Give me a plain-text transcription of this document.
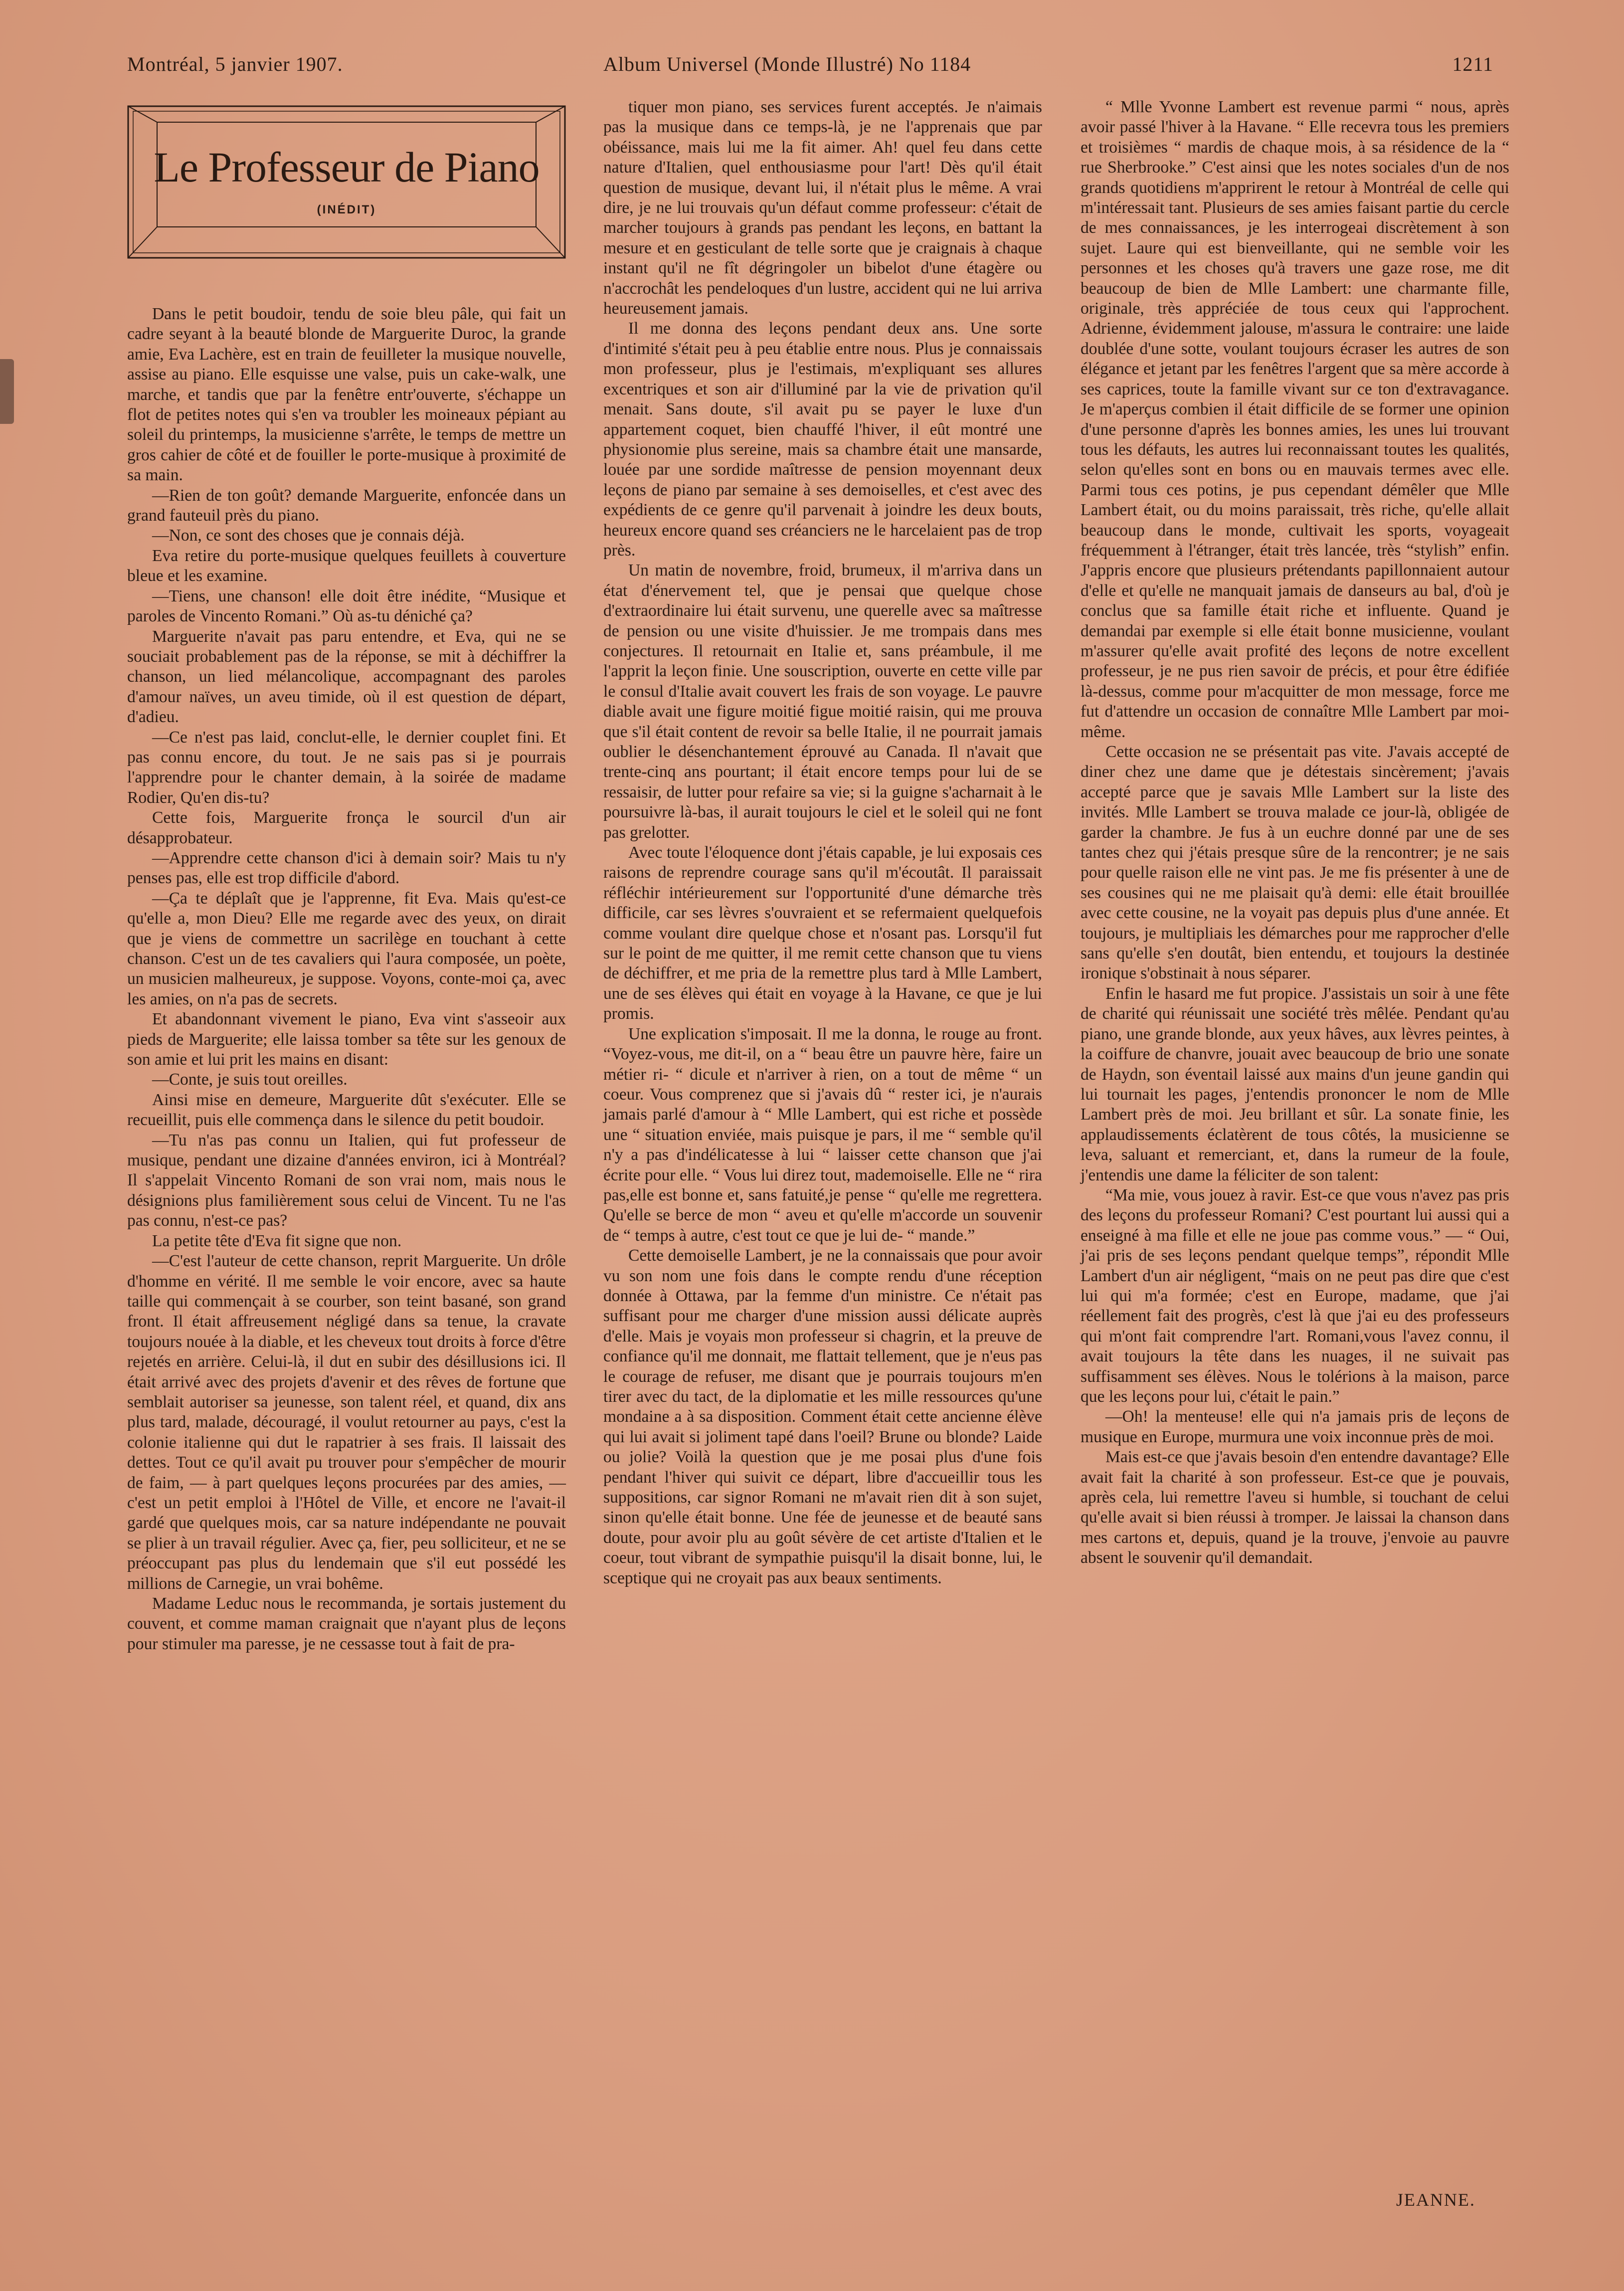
Montréal, 5 janvier 1907.	Album Universel (Monde Illustré) No 1184	1211
Le Professeur de Piano
(INÉDIT)

Dans le petit boudoir, tendu de soie bleu pâle, qui fait un cadre seyant à la beauté blonde de Marguerite Duroc, la grande amie, Eva Lachère, est en train de feuilleter la musique nouvelle, assise au piano. Elle esquisse une valse, puis un cake-walk, une marche, et tandis que par la fenêtre entr'ouverte, s'échappe un flot de petites notes qui s'en va troubler les moineaux pépiant au soleil du printemps, la musicienne s'arrête, le temps de mettre un gros cahier de côté et de fouiller le porte-musique à proximité de sa main.

—Rien de ton goût? demande Marguerite, enfoncée dans un grand fauteuil près du piano.

—Non, ce sont des choses que je connais déjà.

Eva retire du porte-musique quelques feuillets à couverture bleue et les examine.

—Tiens, une chanson! elle doit être inédite, “Musique et paroles de Vincento Romani.” Où as-tu déniché ça?

Marguerite n'avait pas paru entendre, et Eva, qui ne se souciait probablement pas de la réponse, se mit à déchiffrer la chanson, un lied mélancolique, accompagnant des paroles d'amour naïves, un aveu timide, où il est question de départ, d'adieu.

—Ce n'est pas laid, conclut-elle, le dernier couplet fini. Et pas connu encore, du tout. Je ne sais pas si je pourrais l'apprendre pour le chanter demain, à la soirée de madame Rodier, Qu'en dis-tu?

Cette fois, Marguerite fronça le sourcil d'un air désapprobateur.

—Apprendre cette chanson d'ici à demain soir? Mais tu n'y penses pas, elle est trop difficile d'abord.

—Ça te déplaît que je l'apprenne, fit Eva. Mais qu'est-ce qu'elle a, mon Dieu? Elle me regarde avec des yeux, on dirait que je viens de commettre un sacrilège en touchant à cette chanson. C'est un de tes cavaliers qui l'aura composée, un poète, un musicien malheureux, je suppose. Voyons, conte-moi ça, avec les amies, on n'a pas de secrets.

Et abandonnant vivement le piano, Eva vint s'asseoir aux pieds de Marguerite; elle laissa tomber sa tête sur les genoux de son amie et lui prit les mains en disant:

—Conte, je suis tout oreilles.

Ainsi mise en demeure, Marguerite dût s'exécuter. Elle se recueillit, puis elle commença dans le silence du petit boudoir.

—Tu n'as pas connu un Italien, qui fut professeur de musique, pendant une dizaine d'années environ, ici à Montréal? Il s'appelait Vincento Romani de son vrai nom, mais nous le désignions plus familièrement sous celui de Vincent. Tu ne l'as pas connu, n'est-ce pas?

La petite tête d'Eva fit signe que non.

—C'est l'auteur de cette chanson, reprit Marguerite. Un drôle d'homme en vérité. Il me semble le voir encore, avec sa haute taille qui commençait à se courber, son teint basané, son grand front. Il était affreusement négligé dans sa tenue, la cravate toujours nouée à la diable, et les cheveux tout droits à force d'être rejetés en arrière. Celui-là, il dut en subir des désillusions ici. Il était arrivé avec des projets d'avenir et des rêves de fortune que semblait autoriser sa jeunesse, son talent réel, et quand, dix ans plus tard, malade, découragé, il voulut retourner au pays, c'est la colonie italienne qui dut le rapatrier à ses frais. Il laissait des dettes. Tout ce qu'il avait pu trouver pour s'empêcher de mourir de faim, — à part quelques leçons procurées par des amies, — c'est un petit emploi à l'Hôtel de Ville, et encore ne l'avait-il gardé que quelques mois, car sa nature indépendante ne pouvait se plier à un travail régulier. Avec ça, fier, peu solliciteur, et ne se préoccupant pas plus du lendemain que s'il eut possédé les millions de Carnegie, un vrai bohême.

Madame Leduc nous le recommanda, je sortais justement du couvent, et comme maman craignait que n'ayant plus de leçons pour stimuler ma paresse, je ne cessasse tout à fait de pra-

tiquer mon piano, ses services furent acceptés. Je n'aimais pas la musique dans ce temps-là, je ne l'apprenais que par obéissance, mais lui me la fit aimer. Ah! quel feu dans cette nature d'Italien, quel enthousiasme pour l'art! Dès qu'il était question de musique, devant lui, il n'était plus le même. A vrai dire, je ne lui trouvais qu'un défaut comme professeur: c'était de marcher toujours à grands pas pendant les leçons, en battant la mesure et en gesticulant de telle sorte que je craignais à chaque instant qu'il ne fît dégringoler un bibelot d'une étagère ou n'accrochât les pendeloques d'un lustre, accident qui ne lui arriva heureusement jamais.

Il me donna des leçons pendant deux ans. Une sorte d'intimité s'était peu à peu établie entre nous. Plus je connaissais mon professeur, plus je l'estimais, m'expliquant ses allures excentriques et son air d'illuminé par la vie de privation qu'il menait. Sans doute, s'il avait pu se payer le luxe d'un appartement coquet, bien chauffé l'hiver, il eût montré une physionomie plus sereine, mais sa chambre était une mansarde, louée par une sordide maîtresse de pension moyennant deux leçons de piano par semaine à ses demoiselles, et c'est avec des expédients de ce genre qu'il parvenait à joindre les deux bouts, heureux encore quand ses créanciers ne le harcelaient pas de trop près.

Un matin de novembre, froid, brumeux, il m'arriva dans un état d'énervement tel, que je pensai que quelque chose d'extraordinaire lui était survenu, une querelle avec sa maîtresse de pension ou une visite d'huissier. Je me trompais dans mes conjectures. Il retournait en Italie et, sans préambule, il me l'apprit la leçon finie. Une souscription, ouverte en cette ville par le consul d'Italie avait couvert les frais de son voyage. Le pauvre diable avait une figure moitié figue moitié raisin, qui me prouva que s'il était content de revoir sa belle Italie, il ne pourrait jamais oublier le désenchantement éprouvé au Canada. Il n'avait que trente-cinq ans pourtant; il était encore temps pour lui de se ressaisir, de lutter pour refaire sa vie; si la guigne s'acharnait à le poursuivre là-bas, il aurait toujours le ciel et le soleil qui ne font pas grelotter.

Avec toute l'éloquence dont j'étais capable, je lui exposais ces raisons de reprendre courage sans qu'il m'écoutât. Il paraissait réfléchir intérieurement sur l'opportunité d'une démarche très difficile, car ses lèvres s'ouvraient et se refermaient quelquefois comme voulant dire quelque chose et n'osant pas. Lorsqu'il fut sur le point de me quitter, il me remit cette chanson que tu viens de déchiffrer, et me pria de la remettre plus tard à Mlle Lambert, une de ses élèves qui était en voyage à la Havane, ce que je lui promis.

Une explication s'imposait. Il me la donna, le rouge au front. “Voyez-vous, me dit-il, on a “ beau être un pauvre hère, faire un métier ri- “ dicule et n'arriver à rien, on a tout de même “ un coeur. Vous comprenez que si j'avais dû “ rester ici, je n'aurais jamais parlé d'amour à “ Mlle Lambert, qui est riche et possède une “ situation enviée, mais puisque je pars, il me “ semble qu'il n'y a pas d'indélicatesse à lui “ laisser cette chanson que j'ai écrite pour elle. “ Vous lui direz tout, mademoiselle. Elle ne “ rira pas,elle est bonne et, sans fatuité,je pense “ qu'elle me regrettera. Qu'elle se berce de mon “ aveu et qu'elle m'accorde un souvenir de “ temps à autre, c'est tout ce que je lui de- “ mande.”

Cette demoiselle Lambert, je ne la connaissais que pour avoir vu son nom une fois dans le compte rendu d'une réception donnée à Ottawa, par la femme d'un ministre. Ce n'était pas suffisant pour me charger d'une mission aussi délicate auprès d'elle. Mais je voyais mon professeur si chagrin, et la preuve de confiance qu'il me donnait, me flattait tellement, que je n'eus pas le courage de refuser, me disant que je pourrais toujours m'en tirer avec du tact, de la diplomatie et les mille ressources qu'une mondaine a à sa disposition. Comment était cette ancienne élève qui lui avait si joliment tapé dans l'oeil? Brune ou blonde? Laide ou jolie? Voilà la question que je me posai plus d'une fois pendant l'hiver qui suivit ce départ, libre d'accueillir tous les suppositions, car signor Romani ne m'avait rien dit à son sujet, sinon qu'elle était bonne. Une fée de jeunesse et de beauté sans doute, pour avoir plu au goût sévère de cet artiste d'Italien et le coeur, tout vibrant de sympathie puisqu'il la disait bonne, lui, le sceptique qui ne croyait pas aux beaux sentiments.

“ Mlle Yvonne Lambert est revenue parmi “ nous, après avoir passé l'hiver à la Havane. “ Elle recevra tous les premiers et troisièmes “ mardis de chaque mois, à sa résidence de la “ rue Sherbrooke.” C'est ainsi que les notes sociales d'un de nos grands quotidiens m'apprirent le retour à Montréal de celle qui m'intéressait tant. Plusieurs de ses amies faisant partie du cercle de mes connaissances, je les interrogeai discrètement à son sujet. Laure qui est bienveillante, qui ne semble voir les personnes et les choses qu'à travers une gaze rose, me dit beaucoup de bien de Mlle Lambert: une charmante fille, originale, très appréciée de tous ceux qui l'approchent. Adrienne, évidemment jalouse, m'assura le contraire: une laide doublée d'une sotte, voulant toujours écraser les autres de son élégance et jetant par les fenêtres l'argent que sa mère accorde à ses caprices, toute la famille vivant sur ce ton d'extravagance. Je m'aperçus combien il était difficile de se former une opinion d'une personne d'après les bonnes amies, les unes lui trouvant tous les défauts, les autres lui reconnaissant toutes les qualités, selon qu'elles sont en bons ou en mauvais termes avec elle. Parmi tous ces potins, je pus cependant démêler que Mlle Lambert était, ou du moins paraissait, très riche, qu'elle allait beaucoup dans le monde, cultivait les sports, voyageait fréquemment à l'étranger, était très lancée, très “stylish” enfin. J'appris encore que plusieurs prétendants papillonnaient autour d'elle et qu'elle ne manquait jamais de danseurs au bal, d'où je conclus que sa famille était riche et influente. Quand je demandai par exemple si elle était bonne musicienne, voulant m'assurer qu'elle avait profité des leçons de notre excellent professeur, je ne pus rien savoir de précis, et pour être édifiée là-dessus, comme pour m'acquitter de mon message, force me fut d'attendre un occasion de connaître Mlle Lambert par moi-même.

Cette occasion ne se présentait pas vite. J'avais accepté de diner chez une dame que je détestais sincèrement; j'avais accepté parce que je savais Mlle Lambert sur la liste des invités. Mlle Lambert se trouva malade ce jour-là, obligée de garder la chambre. Je fus à un euchre donné par une de ses tantes chez qui j'étais presque sûre de la rencontrer; je ne sais pour quelle raison elle ne vint pas. Je me fis présenter à une de ses cousines qui ne me plaisait qu'à demi: elle était brouillée avec cette cousine, ne la voyait pas depuis plus d'une année. Et toujours, je multipliais les démarches pour me rapprocher d'elle sans qu'elle s'en doutât, bien entendu, et toujours la destinée ironique s'obstinait à nous séparer.

Enfin le hasard me fut propice. J'assistais un soir à une fête de charité qui réunissait une société très mêlée. Pendant qu'au piano, une grande blonde, aux yeux hâves, aux lèvres peintes, à la coiffure de chanvre, jouait avec beaucoup de brio une sonate de Haydn, son éventail laissé aux mains d'un jeune gandin qui lui tournait les pages, j'entendis prononcer le nom de Mlle Lambert près de moi. Jeu brillant et sûr. La sonate finie, les applaudissements éclatèrent de tous côtés, la musicienne se leva, saluant et remerciant, et, dans la rumeur de la foule, j'entendis une dame la féliciter de son talent:

“Ma mie, vous jouez à ravir. Est-ce que vous n'avez pas pris des leçons du professeur Romani? C'est pourtant lui aussi qui a enseigné à ma fille et elle ne joue pas comme vous.” — “ Oui, j'ai pris de ses leçons pendant quelque temps”, répondit Mlle Lambert d'un air négligent, “mais on ne peut pas dire que c'est lui qui m'a formée; c'est en Europe, madame, que j'ai réellement fait des progrès, c'est là que j'ai eu des professeurs qui m'ont fait comprendre l'art. Romani,vous l'avez connu, il avait toujours la tête dans les nuages, il ne suivait pas suffisamment ses élèves. Nous le tolérions à la maison, parce que les leçons pour lui, c'était le pain.”

—Oh! la menteuse! elle qui n'a jamais pris de leçons de musique en Europe, murmura une voix inconnue près de moi.

Mais est-ce que j'avais besoin d'en entendre davantage? Elle avait fait la charité à son professeur. Est-ce que je pouvais, après cela, lui remettre l'aveu si humble, si touchant de celui qu'elle avait si bien réussi à tromper. Je laissai la chanson dans mes cartons et, depuis, quand je la trouve, j'envoie au pauvre absent le souvenir qu'il demandait.

JEANNE.
